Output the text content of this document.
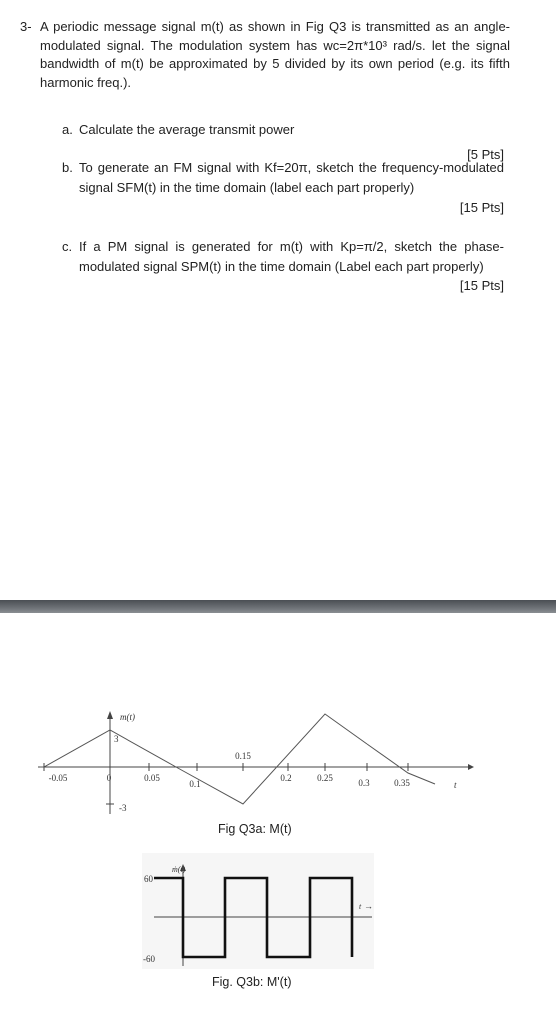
3- A periodic message signal m(t) as shown in Fig Q3 is transmitted as an angle-modulated signal. The modulation system has wc=2π*10³ rad/s. let the signal bandwidth of m(t) be approximated by 5 divided by its own period (e.g. its fifth harmonic freq.).
a. Calculate the average transmit power
[5 Pts]
b. To generate an FM signal with Kf=20π, sketch the frequency-modulated signal SFM(t) in the time domain (label each part properly)
[15 Pts]
c. If a PM signal is generated for m(t) with Kp=π/2, sketch the phase-modulated signal SPM(t) in the time domain (Label each part properly)
[15 Pts]
m(t)
3
-3
t
-0.05	0	0.05
0.1
0.15
0.2	0.25	0.3	0.35
ṁ(t)
60
-60
t →
Fig Q3a: M(t)
Fig. Q3b: M'(t)
